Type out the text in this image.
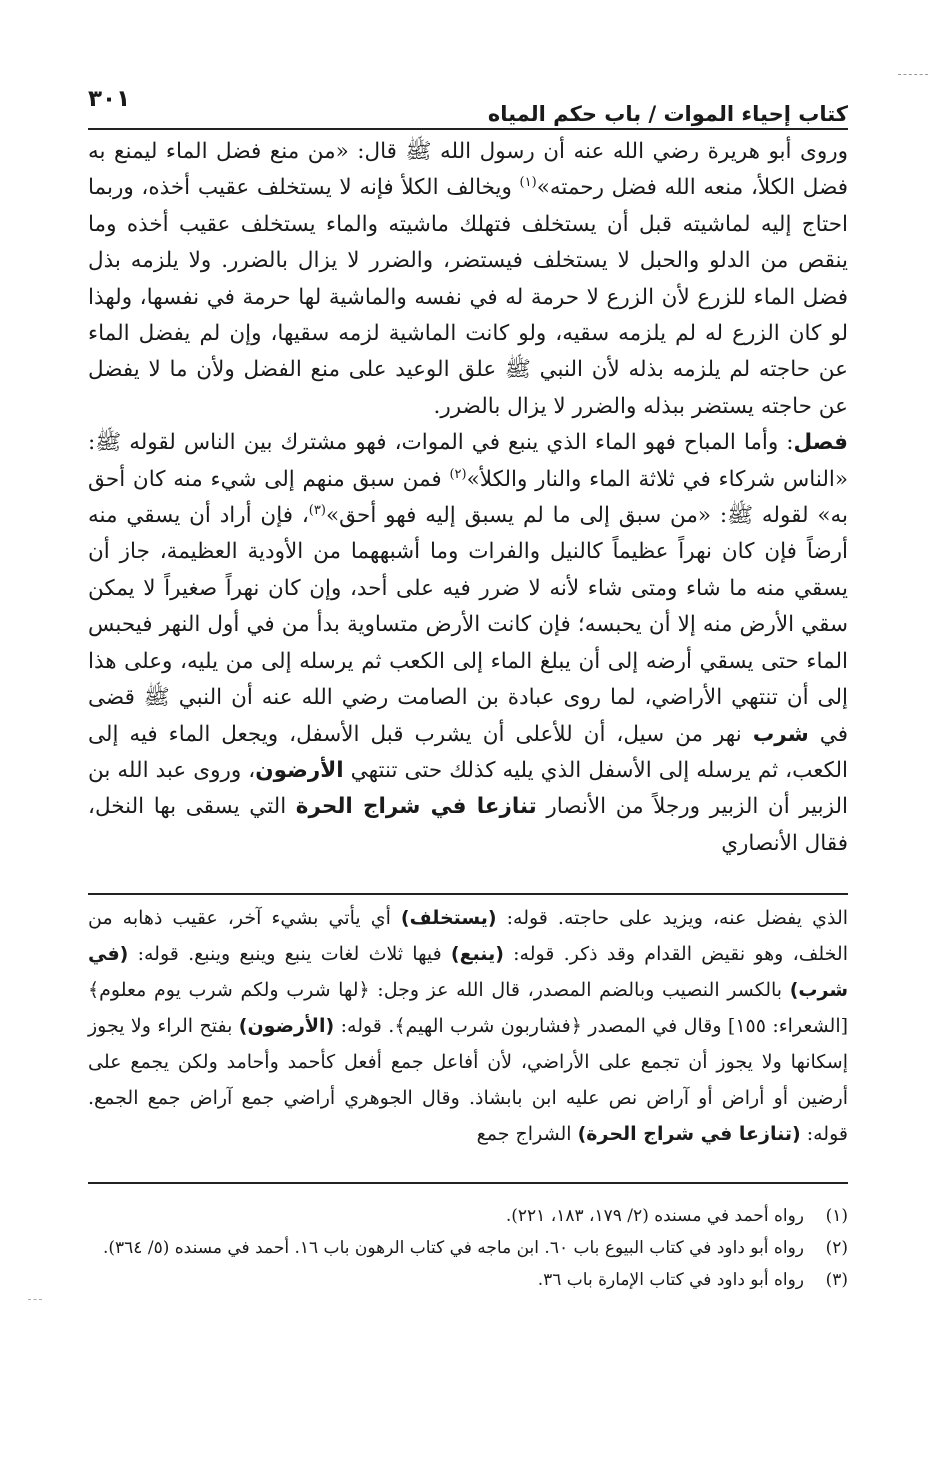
كتاب إحياء الموات / باب حكم المياه
٣٠١

وروى أبو هريرة رضي الله عنه أن رسول الله ﷺ قال: «من منع فضل الماء ليمنع به فضل الكلأ، منعه الله فضل رحمته»$^{(١)}$ ويخالف الكلأ فإنه لا يستخلف عقيب أخذه، وربما احتاج إليه لماشيته قبل أن يستخلف فتهلك ماشيته والماء يستخلف عقيب أخذه وما ينقص من الدلو والحبل لا يستخلف فيستضر، والضرر لا يزال بالضرر. ولا يلزمه بذل فضل الماء للزرع لأن الزرع لا حرمة له في نفسه والماشية لها حرمة في نفسها، ولهذا لو كان الزرع له لم يلزمه سقيه، ولو كانت الماشية لزمه سقيها، وإن لم يفضل الماء عن حاجته لم يلزمه بذله لأن النبي ﷺ علق الوعيد على منع الفضل ولأن ما لا يفضل عن حاجته يستضر ببذله والضرر لا يزال بالضرر.

فصل: وأما المباح فهو الماء الذي ينبع في الموات، فهو مشترك بين الناس لقوله ﷺ: «الناس شركاء في ثلاثة الماء والنار والكلأ»$^{(٢)}$ فمن سبق منهم إلى شيء منه كان أحق به» لقوله ﷺ: «من سبق إلى ما لم يسبق إليه فهو أحق»$^{(٣)}$، فإن أراد أن يسقي منه أرضاً فإن كان نهراً عظيماً كالنيل والفرات وما أشبههما من الأودية العظيمة، جاز أن يسقي منه ما شاء ومتى شاء لأنه لا ضرر فيه على أحد، وإن كان نهراً صغيراً لا يمكن سقي الأرض منه إلا أن يحبسه؛ فإن كانت الأرض متساوية بدأ من في أول النهر فيحبس الماء حتى يسقي أرضه إلى أن يبلغ الماء إلى الكعب ثم يرسله إلى من يليه، وعلى هذا إلى أن تنتهي الأراضي، لما روى عبادة بن الصامت رضي الله عنه أن النبي ﷺ قضى في شرب نهر من سيل، أن للأعلى أن يشرب قبل الأسفل، ويجعل الماء فيه إلى الكعب، ثم يرسله إلى الأسفل الذي يليه كذلك حتى تنتهي الأرضون، وروى عبد الله بن الزبير أن الزبير ورجلاً من الأنصار تنازعا في شراج الحرة التي يسقى بها النخل، فقال الأنصاري

الذي يفضل عنه، ويزيد على حاجته. قوله: (يستخلف) أي يأتي بشيء آخر، عقيب ذهابه من الخلف، وهو نقيض القدام وقد ذكر. قوله: (ينبع) فيها ثلاث لغات ينبع وينبع وينبع. قوله: (في شرب) بالكسر النصيب وبالضم المصدر، قال الله عز وجل: ﴿لها شرب ولكم شرب يوم معلوم﴾ [الشعراء: ١٥٥] وقال في المصدر ﴿فشاربون شرب الهيم﴾. قوله: (الأرضون) بفتح الراء ولا يجوز إسكانها ولا يجوز أن تجمع على الأراضي، لأن أفاعل جمع أفعل كأحمد وأحامد ولكن يجمع على أرضين أو أراض أو آراض نص عليه ابن بابشاذ. وقال الجوهري أراضي جمع آراض جمع الجمع. قوله: (تنازعا في شراج الحرة) الشراج جمع

(١)
رواه أحمد في مسنده (٢/ ١٧٩، ١٨٣، ٢٢١).
(٢)
رواه أبو داود في كتاب البيوع باب ٦٠. ابن ماجه في كتاب الرهون باب ١٦. أحمد في مسنده (٥/ ٣٦٤).
(٣)
رواه أبو داود في كتاب الإمارة باب ٣٦.
